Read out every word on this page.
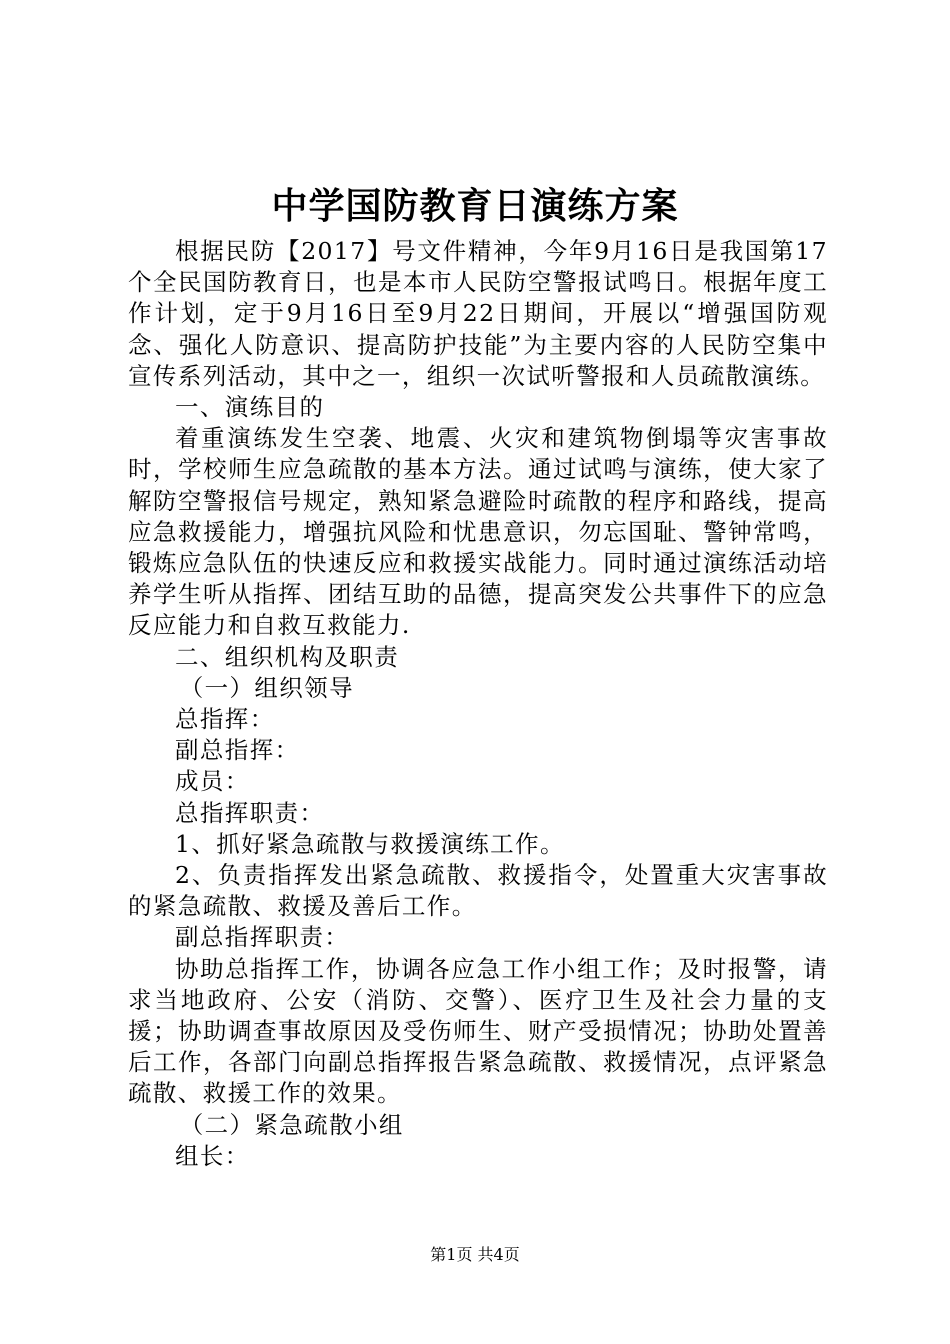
中学国防教育日演练方案

根据民防【2017】号文件精神，今年9月16日是我国第17个全民国防教育日，也是本市人民防空警报试鸣日。根据年度工作计划，定于9月16日至9月22日期间，开展以“增强国防观念、强化人防意识、提高防护技能”为主要内容的人民防空集中宣传系列活动，其中之一，组织一次试听警报和人员疏散演练。

一、演练目的

着重演练发生空袭、地震、火灾和建筑物倒塌等灾害事故时，学校师生应急疏散的基本方法。通过试鸣与演练，使大家了解防空警报信号规定，熟知紧急避险时疏散的程序和路线，提高应急救援能力，增强抗风险和忧患意识，勿忘国耻、警钟常鸣，锻炼应急队伍的快速反应和救援实战能力。同时通过演练活动培养学生听从指挥、团结互助的品德，提高突发公共事件下的应急反应能力和自救互救能力.

二、组织机构及职责

（一）组织领导

总指挥：

副总指挥：

成员：

总指挥职责：

1、抓好紧急疏散与救援演练工作。

2、负责指挥发出紧急疏散、救援指令，处置重大灾害事故的紧急疏散、救援及善后工作。

副总指挥职责：

协助总指挥工作，协调各应急工作小组工作；及时报警，请求当地政府、公安（消防、交警）、医疗卫生及社会力量的支援；协助调查事故原因及受伤师生、财产受损情况；协助处置善后工作，各部门向副总指挥报告紧急疏散、救援情况，点评紧急疏散、救援工作的效果。

（二）紧急疏散小组

组长：

第1页 共4页
